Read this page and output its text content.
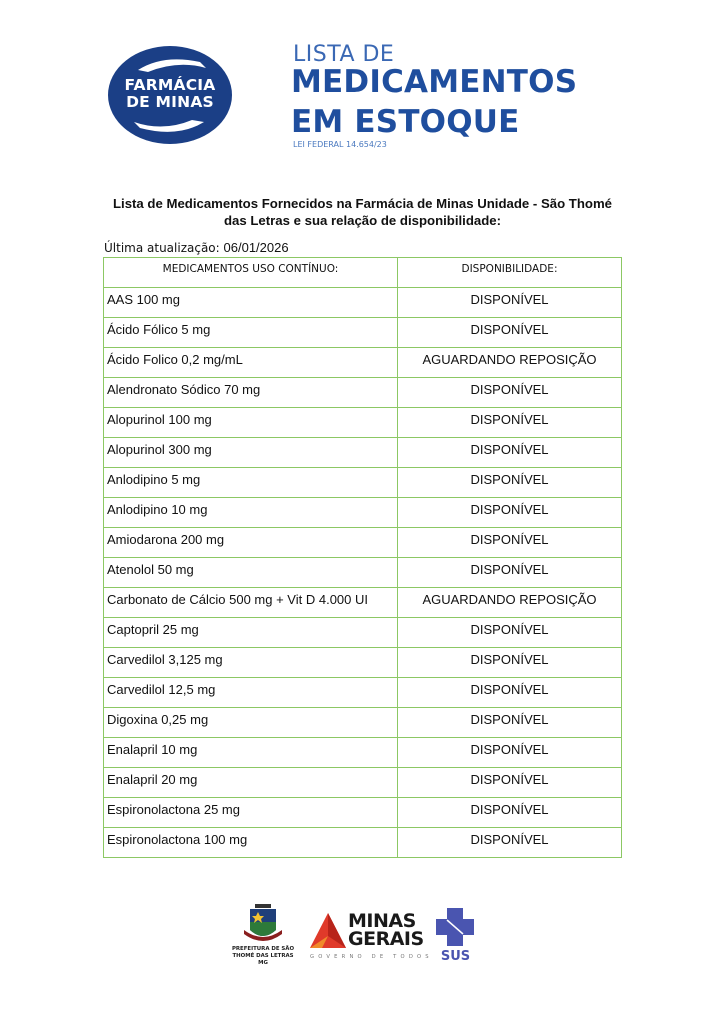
FARMÁCIA
DE MINAS
LISTA DE
MEDICAMENTOS
EM ESTOQUE
LEI FEDERAL 14.654/23
Lista de Medicamentos Fornecidos na Farmácia de Minas Unidade - São Thomé das Letras e sua relação de disponibilidade:
Última atualização: 06/01/2026
MEDICAMENTOS USO CONTÍNUO:	DISPONIBILIDADE:
AAS 100 mg	DISPONÍVEL
Ácido Fólico 5 mg	DISPONÍVEL
Ácido Folico 0,2 mg/mL	AGUARDANDO REPOSIÇÃO
Alendronato Sódico 70 mg	DISPONÍVEL
Alopurinol 100 mg	DISPONÍVEL
Alopurinol 300 mg	DISPONÍVEL
Anlodipino 5 mg	DISPONÍVEL
Anlodipino 10 mg	DISPONÍVEL
Amiodarona 200 mg	DISPONÍVEL
Atenolol 50 mg	DISPONÍVEL
Carbonato de Cálcio 500 mg + Vit D 4.000 UI	AGUARDANDO REPOSIÇÃO
Captopril 25 mg	DISPONÍVEL
Carvedilol 3,125 mg	DISPONÍVEL
Carvedilol 12,5 mg	DISPONÍVEL
Digoxina 0,25 mg	DISPONÍVEL
Enalapril 10 mg	DISPONÍVEL
Enalapril 20 mg	DISPONÍVEL
Espironolactona 25 mg	DISPONÍVEL
Espironolactona 100 mg	DISPONÍVEL
PREFEITURA DE SÃO
THOMÉ DAS LETRAS MG
MINAS
GERAIS
GOVERNO DE TODOS SUS
